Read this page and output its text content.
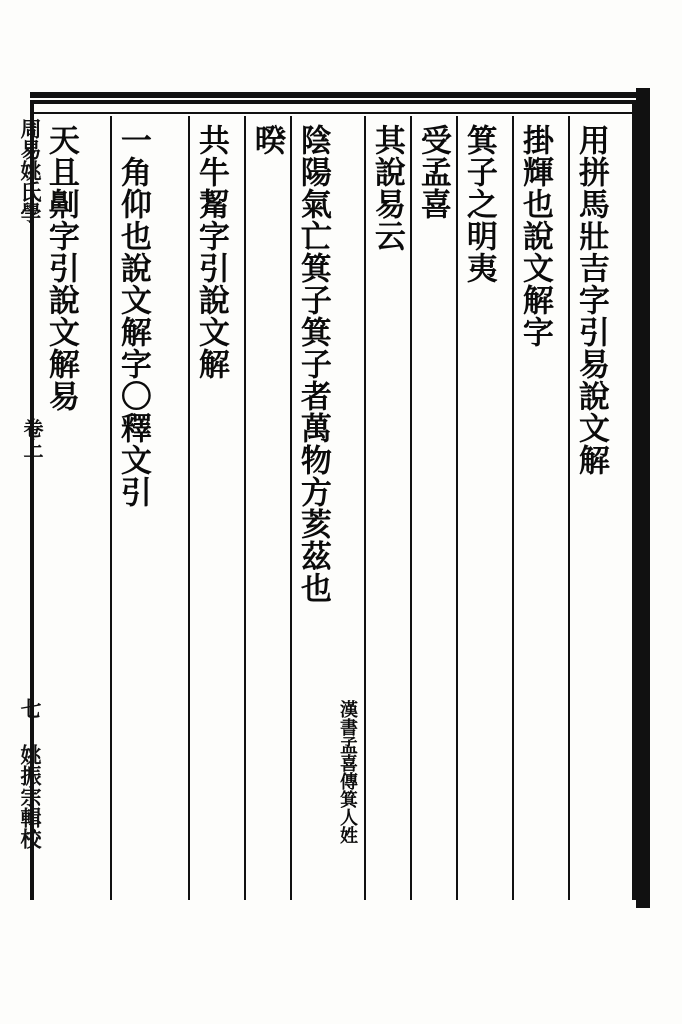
周易姚氏學
卷上
七 姚振宗輯校
用拼馬壯吉字引易說文解
掛輝也說文解字
箕子之明夷
受孟喜
其說易云
陰陽氣亡箕子箕子者萬物方荄茲也
漢書孟喜傳箕人姓
暌
共牛觢字引說文解
一角仰也說文解字〇釋文引
天且劓字引說文解易
